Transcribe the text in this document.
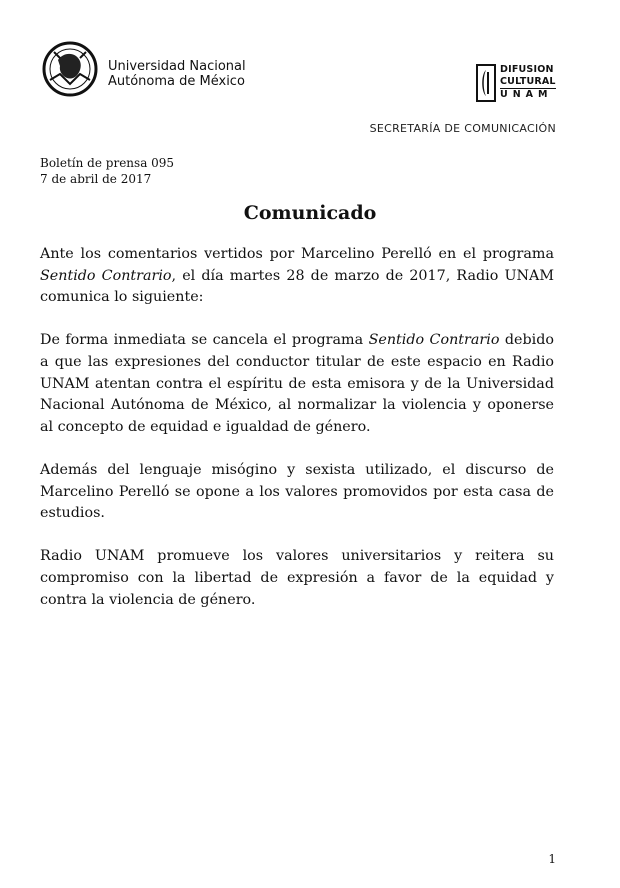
Universidad Nacional
Autónoma de México
DIFUSION
CULTURAL
UNAM
SECRETARÍA DE COMUNICACIÓN
Boletín de prensa 095
7 de abril de 2017
Comunicado

Ante los comentarios vertidos por Marcelino Perelló en el programa Sentido Contrario, el día martes 28 de marzo de 2017, Radio UNAM comunica lo siguiente:

De forma inmediata se cancela el programa Sentido Contrario debido a que las expresiones del conductor titular de este espacio en Radio UNAM atentan contra el espíritu de esta emisora y de la Universidad Nacional Autónoma de México, al normalizar la violencia y oponerse al concepto de equidad e igualdad de género.

Además del lenguaje misógino y sexista utilizado, el discurso de Marcelino Perelló se opone a los valores promovidos por esta casa de estudios.

Radio UNAM promueve los valores universitarios y reitera su compromiso con la libertad de expresión a favor de la equidad y contra la violencia de género.

1
